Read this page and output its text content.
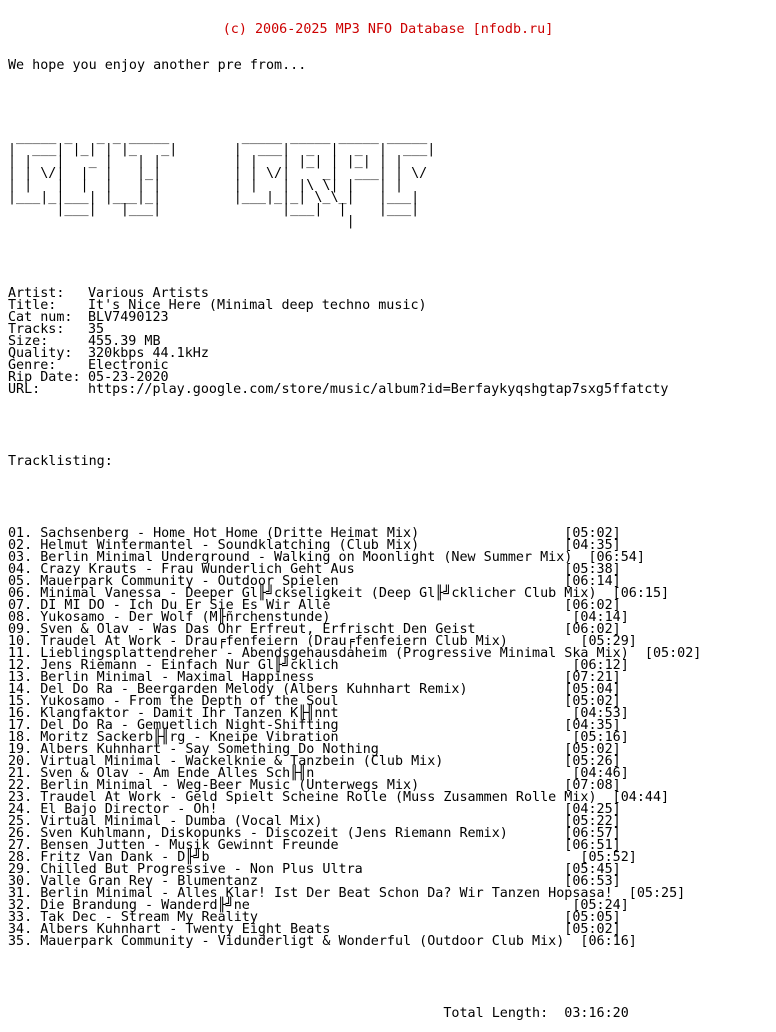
(c) 2006-2025 MP3 NFO Database [nfodb.ru]

We hope you enjoy another pre from...

_____ _   _ _ _____         _____ _____ _____ _____
|  ___| |_| | |_   _|       |  ___|  _  |  _  |  ___|
| |   |   _ |   | |         | |   | |_| | |_| | |
| | \/|  |  |   |_|         | | \/|    _|  ___| | \/
| |   |  |  |   | |         | |   | |\ \| |   | |
|___|_|___| |___|_|         |___|_|_| \_\_|   |___|
|___|   |___|               |___|  |    |___|
|

Artist: Various Artists
Title: It's Nice Here (Minimal deep techno music)
Cat num: BLV7490123
Tracks: 35
Size:	455.39 MB
Quality: 320kbps 44.1kHz
Genre: Electronic
Rip Date: 05-23-2020
URL:	https://play.google.com/store/music/album?id=Berfaykyqshgtap7sxg5ffatcty

Tracklisting:

01. Sachsenberg - Home Hot Home (Dritte Heimat Mix)                  [05:02]
02. Helmut Wintermantel - Soundklatching (Club Mix)                  [04:35]
03. Berlin Minimal Underground - Walking on Moonlight (New Summer Mix)  [06:54]
04. Crazy Krauts - Frau Wunderlich Geht Aus                          [05:38]
05. Mauerpark Community - Outdoor Spielen                            [06:14]
06. Minimal Vanessa - Deeper Gl╟╝ckseligkeit (Deep Gl╟╝cklicher Club Mix)  [06:15]
07. DI MI DO - Ich Du Er Sie Es Wir Alle                             [06:02]
08. Yukosamo - Der Wolf (M╟ñrchenstunde)                              [04:14]
09. Sven & Olav - Was Das Ohr Erfreut, Erfrischt Den Geist           [06:02]
10. Traudel At Work - Drau╒fenfeiern (Drau╒fenfeiern Club Mix)         [05:29]
11. Lieblingsplattendreher - Abendsgehausdaheim (Progressive Minimal Ska Mix)  [05:02]
12. Jens Riemann - Einfach Nur Gl╟╝cklich                             [06:12]
13. Berlin Minimal - Maximal Happiness                               [07:21]
14. Del Do Ra - Beergarden Melody (Albers Kuhnhart Remix)            [05:04]
15. Yukosamo - From the Depth of the Soul                            [05:02]
16. Klangfaktor - Damit Ihr Tanzen K╟╢nnt                             [04:53]
17. Del Do Ra - Gemuetlich Night-Shifting                            [04:35]
18. Moritz Sackerb╟╢rg - Kneipe Vibration                             [05:16]
19. Albers Kuhnhart - Say Something Do Nothing                       [05:02]
20. Virtual Minimal - Wackelknie & Tanzbein (Club Mix)               [05:26]
21. Sven & Olav - Am Ende Alles Sch╟╢n                                [04:46]
22. Berlin Minimal - Weg-Beer Music (Unterwegs Mix)                  [07:08]
23. Traudel At Work - Geld Spielt Scheine Rolle (Muss Zusammen Rolle Mix)  [04:44]
24. El Bajo Director - Oh!                                           [04:25]
25. Virtual Minimal - Dumba (Vocal Mix)                              [05:22]
26. Sven Kuhlmann, Diskopunks - Discozeit (Jens Riemann Remix)       [06:57]
27. Bensen Jutten - Musik Gewinnt Freunde                            [06:51]
28. Fritz Van Dank - D╟╝b                                              [05:52]
29. Chilled But Progressive - Non Plus Ultra                         [05:45]
30. Valle Gran Rey - Blumentanz                                      [06:53]
31. Berlin Minimal - Alles Klar! Ist Der Beat Schon Da? Wir Tanzen Hopsasa!  [05:25]
32. Die Brandung - Wanderd╟╝ne                                        [05:24]
33. Tak Dec - Stream My Reality                                      [05:05]
34. Albers Kuhnhart - Twenty Eight Beats                             [05:02]
35. Mauerpark Community - Vidunderligt & Wonderful (Outdoor Club Mix)  [06:16]

Total Length: 03:16:20
